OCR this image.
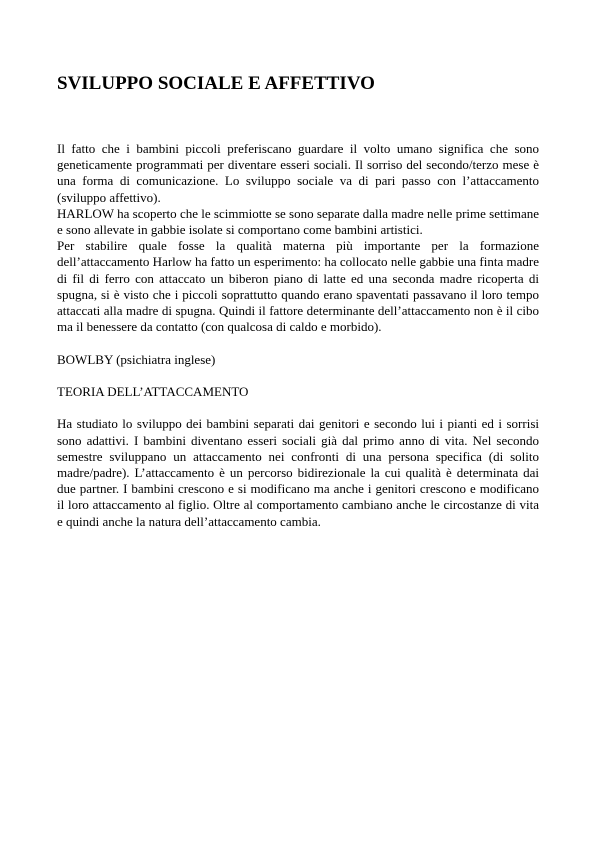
SVILUPPO SOCIALE E AFFETTIVO

Il fatto che i bambini piccoli preferiscano guardare il volto umano significa che sono geneticamente programmati per diventare esseri sociali. Il sorriso del secondo/terzo mese è una forma di comunicazione. Lo sviluppo sociale va di pari passo con l’attaccamento (sviluppo affettivo).

HARLOW ha scoperto che le scimmiotte se sono separate dalla madre nelle prime settimane e sono allevate in gabbie isolate si comportano come bambini artistici.

Per stabilire quale fosse la qualità materna più importante per la formazione dell’attaccamento Harlow ha fatto un esperimento: ha collocato nelle gabbie una finta madre di fil di ferro con attaccato un biberon piano di latte ed una seconda madre ricoperta di spugna, si è visto che i piccoli soprattutto quando erano spaventati passavano il loro tempo attaccati alla madre di spugna. Quindi il fattore determinante dell’attaccamento non è il cibo ma il benessere da contatto (con qualcosa di caldo e morbido).

BOWLBY (psichiatra inglese)

TEORIA DELL’ATTACCAMENTO

Ha studiato lo sviluppo dei bambini separati dai genitori e secondo lui i pianti ed i sorrisi sono adattivi. I bambini diventano esseri sociali già dal primo anno di vita. Nel secondo semestre sviluppano un attaccamento nei confronti di una persona specifica (di solito madre/padre). L’attaccamento è un percorso bidirezionale la cui qualità è determinata dai due partner. I bambini crescono e si modificano ma anche i genitori crescono e modificano il loro attaccamento al figlio. Oltre al comportamento cambiano anche le circostanze di vita e quindi anche la natura dell’attaccamento cambia.
